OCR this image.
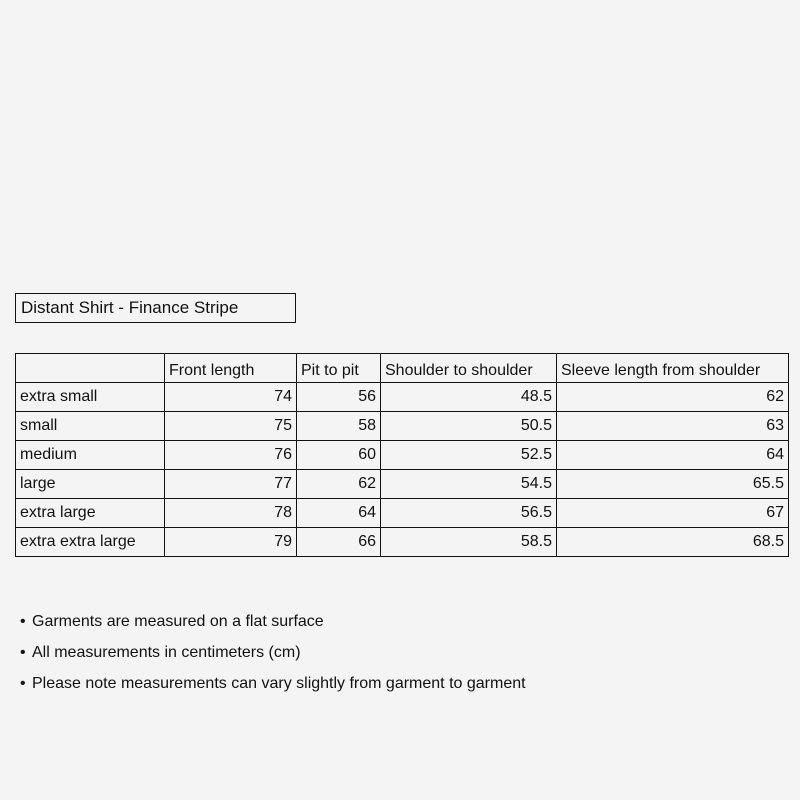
Distant Shirt - Finance Stripe
	Front length	Pit to pit	Shoulder to shoulder	Sleeve length from shoulder
extra small	74	56	48.5	62
small	75	58	50.5	63
medium	76	60	52.5	64
large	77	62	54.5	65.5
extra large	78	64	56.5	67
extra extra large	79	66	58.5	68.5
• Garments are measured on a flat surface
• All measurements in centimeters (cm)
• Please note measurements can vary slightly from garment to garment
